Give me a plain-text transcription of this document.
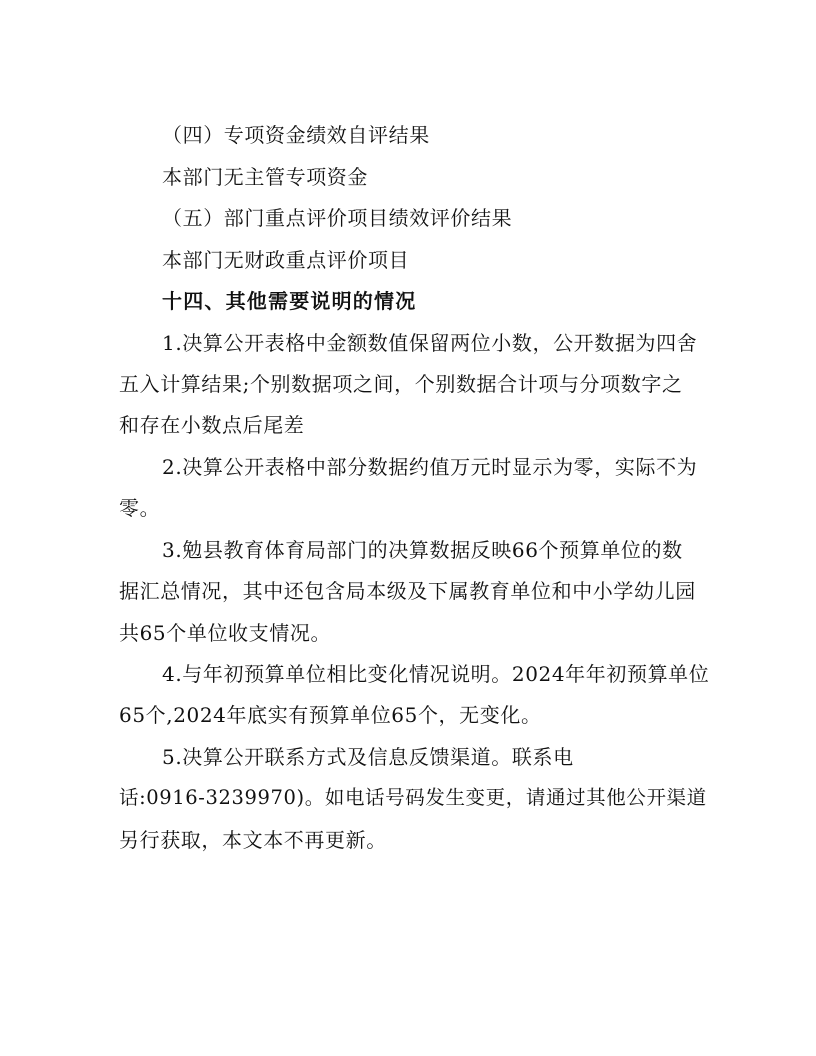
（四）专项资金绩效自评结果
本部门无主管专项资金
（五）部门重点评价项目绩效评价结果
本部门无财政重点评价项目
十四、其他需要说明的情况
1.决算公开表格中金额数值保留两位小数，公开数据为四舍
五入计算结果;个别数据项之间，个别数据合计项与分项数字之
和存在小数点后尾差
2.决算公开表格中部分数据约值万元时显示为零，实际不为
零。
3.勉县教育体育局部门的决算数据反映66个预算单位的数
据汇总情况，其中还包含局本级及下属教育单位和中小学幼儿园
共65个单位收支情况。
4.与年初预算单位相比变化情况说明。2024年年初预算单位
65个,2024年底实有预算单位65个，无变化。
5.决算公开联系方式及信息反馈渠道。联系电
话:0916-3239970)。如电话号码发生变更，请通过其他公开渠道
另行获取，本文本不再更新。
